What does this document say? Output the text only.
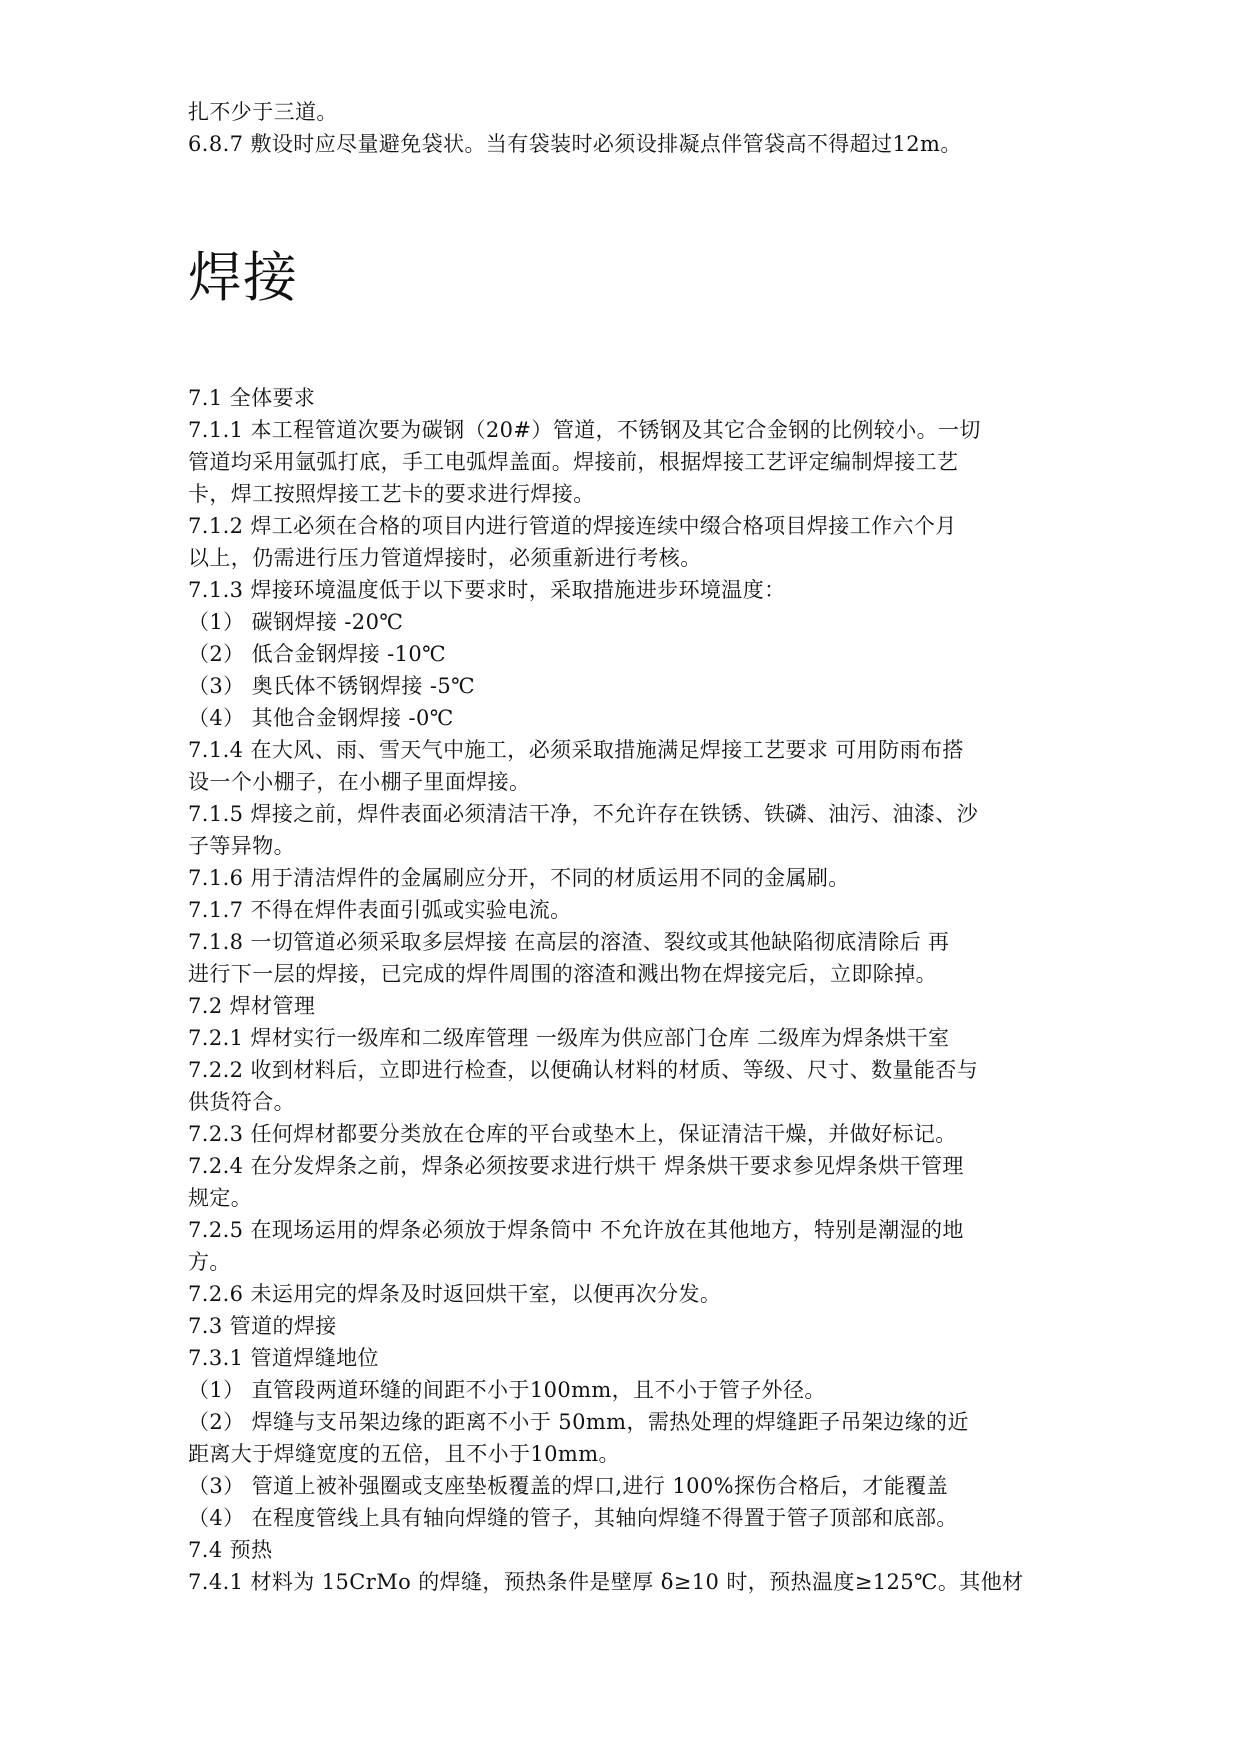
扎不少于三道。
6.8.7 敷设时应尽量避免袋状。当有袋装时必须设排凝点伴管袋高不得超过12m。
焊接
7.1 全体要求
7.1.1 本工程管道次要为碳钢（20#）管道，不锈钢及其它合金钢的比例较小。一切
管道均采用氩弧打底，手工电弧焊盖面。焊接前，根据焊接工艺评定编制焊接工艺
卡，焊工按照焊接工艺卡的要求进行焊接。
7.1.2 焊工必须在合格的项目内进行管道的焊接连续中缀合格项目焊接工作六个月
以上，仍需进行压力管道焊接时，必须重新进行考核。
7.1.3 焊接环境温度低于以下要求时，采取措施进步环境温度：
（1） 碳钢焊接 -20℃
（2） 低合金钢焊接 -10℃
（3） 奥氏体不锈钢焊接 -5℃
（4） 其他合金钢焊接 -0℃
7.1.4 在大风、雨、雪天气中施工，必须采取措施满足焊接工艺要求 可用防雨布搭
设一个小棚子，在小棚子里面焊接。
7.1.5 焊接之前，焊件表面必须清洁干净，不允许存在铁锈、铁磷、油污、油漆、沙
子等异物。
7.1.6 用于清洁焊件的金属刷应分开，不同的材质运用不同的金属刷。
7.1.7 不得在焊件表面引弧或实验电流。
7.1.8 一切管道必须采取多层焊接 在高层的溶渣、裂纹或其他缺陷彻底清除后 再
进行下一层的焊接，已完成的焊件周围的溶渣和溅出物在焊接完后，立即除掉。
7.2 焊材管理
7.2.1 焊材实行一级库和二级库管理 一级库为供应部门仓库 二级库为焊条烘干室
7.2.2 收到材料后，立即进行检查，以便确认材料的材质、等级、尺寸、数量能否与
供货符合。
7.2.3 任何焊材都要分类放在仓库的平台或垫木上，保证清洁干燥，并做好标记。
7.2.4 在分发焊条之前，焊条必须按要求进行烘干 焊条烘干要求参见焊条烘干管理
规定。
7.2.5 在现场运用的焊条必须放于焊条筒中 不允许放在其他地方，特别是潮湿的地
方。
7.2.6 未运用完的焊条及时返回烘干室，以便再次分发。
7.3 管道的焊接
7.3.1 管道焊缝地位
（1） 直管段两道环缝的间距不小于100mm，且不小于管子外径。
（2） 焊缝与支吊架边缘的距离不小于 50mm，需热处理的焊缝距子吊架边缘的近
距离大于焊缝宽度的五倍，且不小于10mm。
（3） 管道上被补强圈或支座垫板覆盖的焊口,进行 100%探伤合格后，才能覆盖
（4） 在程度管线上具有轴向焊缝的管子，其轴向焊缝不得置于管子顶部和底部。
7.4 预热
7.4.1 材料为 15CrMo 的焊缝，预热条件是壁厚 δ≥10 时，预热温度≥125℃。其他材
